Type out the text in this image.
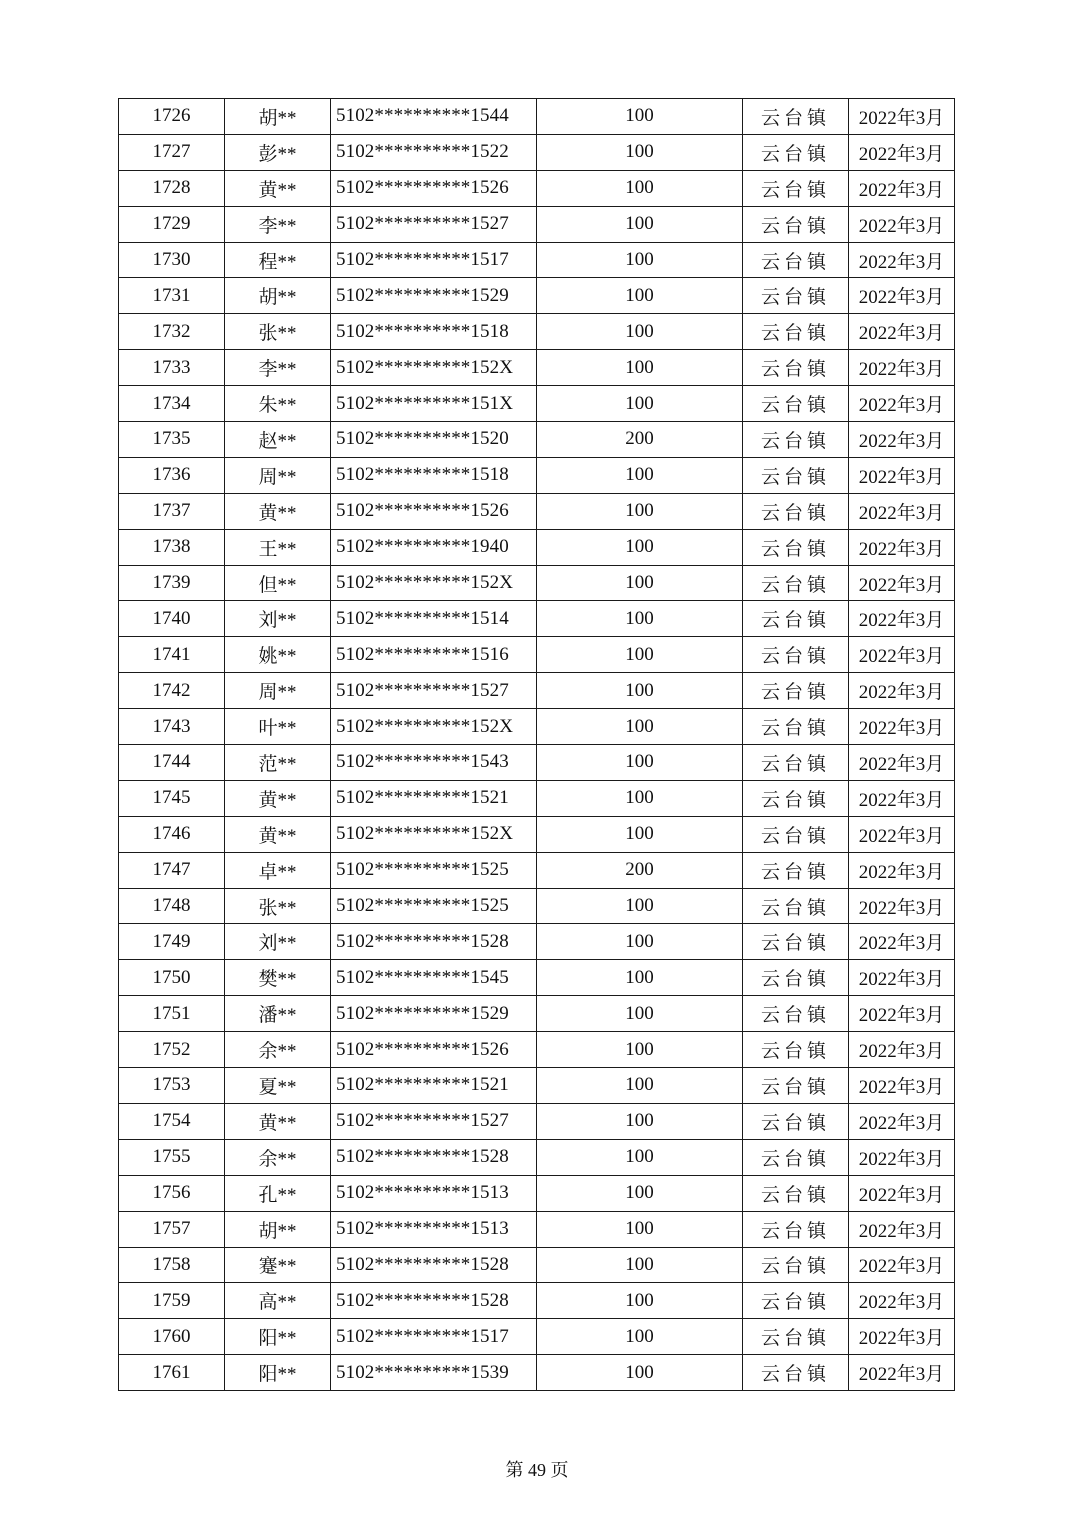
1726	胡**	5102**********1544	100	云台镇	2022年3月
1727	彭**	5102**********1522	100	云台镇	2022年3月
1728	黄**	5102**********1526	100	云台镇	2022年3月
1729	李**	5102**********1527	100	云台镇	2022年3月
1730	程**	5102**********1517	100	云台镇	2022年3月
1731	胡**	5102**********1529	100	云台镇	2022年3月
1732	张**	5102**********1518	100	云台镇	2022年3月
1733	李**	5102**********152X	100	云台镇	2022年3月
1734	朱**	5102**********151X	100	云台镇	2022年3月
1735	赵**	5102**********1520	200	云台镇	2022年3月
1736	周**	5102**********1518	100	云台镇	2022年3月
1737	黄**	5102**********1526	100	云台镇	2022年3月
1738	王**	5102**********1940	100	云台镇	2022年3月
1739	但**	5102**********152X	100	云台镇	2022年3月
1740	刘**	5102**********1514	100	云台镇	2022年3月
1741	姚**	5102**********1516	100	云台镇	2022年3月
1742	周**	5102**********1527	100	云台镇	2022年3月
1743	叶**	5102**********152X	100	云台镇	2022年3月
1744	范**	5102**********1543	100	云台镇	2022年3月
1745	黄**	5102**********1521	100	云台镇	2022年3月
1746	黄**	5102**********152X	100	云台镇	2022年3月
1747	卓**	5102**********1525	200	云台镇	2022年3月
1748	张**	5102**********1525	100	云台镇	2022年3月
1749	刘**	5102**********1528	100	云台镇	2022年3月
1750	樊**	5102**********1545	100	云台镇	2022年3月
1751	潘**	5102**********1529	100	云台镇	2022年3月
1752	余**	5102**********1526	100	云台镇	2022年3月
1753	夏**	5102**********1521	100	云台镇	2022年3月
1754	黄**	5102**********1527	100	云台镇	2022年3月
1755	余**	5102**********1528	100	云台镇	2022年3月
1756	孔**	5102**********1513	100	云台镇	2022年3月
1757	胡**	5102**********1513	100	云台镇	2022年3月
1758	蹇**	5102**********1528	100	云台镇	2022年3月
1759	高**	5102**********1528	100	云台镇	2022年3月
1760	阳**	5102**********1517	100	云台镇	2022年3月
1761	阳**	5102**********1539	100	云台镇	2022年3月
第 49 页
